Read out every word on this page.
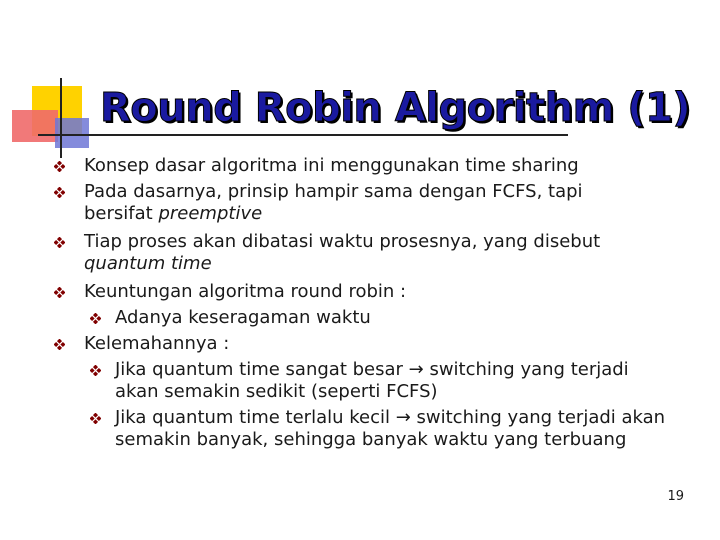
Round Robin Algorithm (1)
Konsep dasar algoritma ini menggunakan time sharing
Pada dasarnya, prinsip hampir sama dengan FCFS, tapi bersifat preemptive
Tiap proses akan dibatasi waktu prosesnya, yang disebut quantum time
Keuntungan algoritma round robin :
Adanya keseragaman waktu
Kelemahannya :
Jika quantum time sangat besar → switching yang terjadi akan semakin sedikit (seperti FCFS)
Jika quantum time terlalu kecil → switching yang terjadi akan semakin banyak, sehingga banyak waktu yang terbuang
19
